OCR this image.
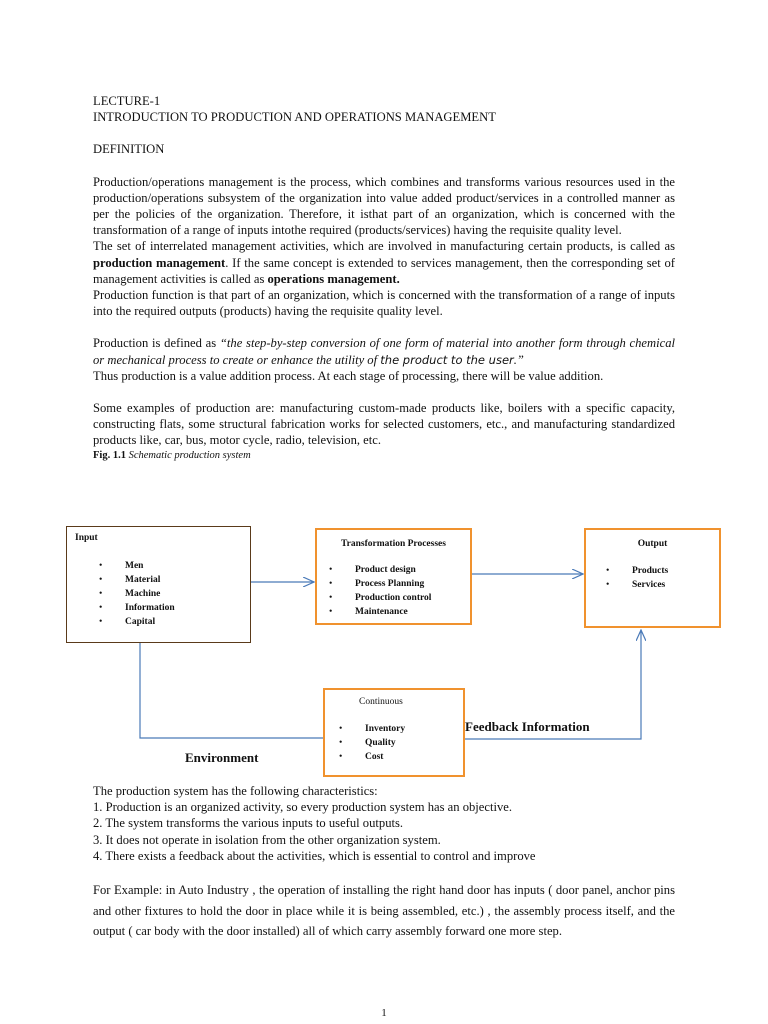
LECTURE-1
INTRODUCTION TO PRODUCTION AND OPERATIONS MANAGEMENT
DEFINITION

Production/operations management is the process, which combines and transforms various resources used in the production/operations subsystem of the organization into value added product/services in a controlled manner as per the policies of the organization. Therefore, it isthat part of an organization, which is concerned with the transformation of a range of inputs intothe required (products/services) having the requisite quality level.

The set of interrelated management activities, which are involved in manufacturing certain products, is called as production management. If the same concept is extended to services management, then the corresponding set of management activities is called as operations management.

Production function is that part of an organization, which is concerned with the transformation of a range of inputs into the required outputs (products) having the requisite quality level.

Production is defined as “the step-by-step conversion of one form of material into another form through chemical or mechanical process to create or enhance the utility of the product to the user.”
Thus production is a value addition process. At each stage of processing, there will be value addition.

Some examples of production are: manufacturing custom-made products like, boilers with a specific capacity, constructing flats, some structural fabrication works for selected customers, etc., and manufacturing standardized products like, car, bus, motor cycle, radio, television, etc.

Fig. 1.1 Schematic production system
Input
• Men
• Material
• Machine
• Information
• Capital
Transformation Processes
• Product design
• Process Planning
• Production control
• Maintenance
Output
• Products
• Services
Continuous
• Inventory
• Quality
• Cost
Feedback Information
Environment
The production system has the following characteristics:
1. Production is an organized activity, so every production system has an objective.
2. The system transforms the various inputs to useful outputs.
3. It does not operate in isolation from the other organization system.
4. There exists a feedback about the activities, which is essential to control and improve

For Example: in Auto Industry , the operation of installing the right hand door has inputs ( door panel, anchor pins and other fixtures to hold the door in place while it is being assembled, etc.) , the assembly process itself, and the output ( car body with the door installed) all of which carry assembly forward one more step.

1
